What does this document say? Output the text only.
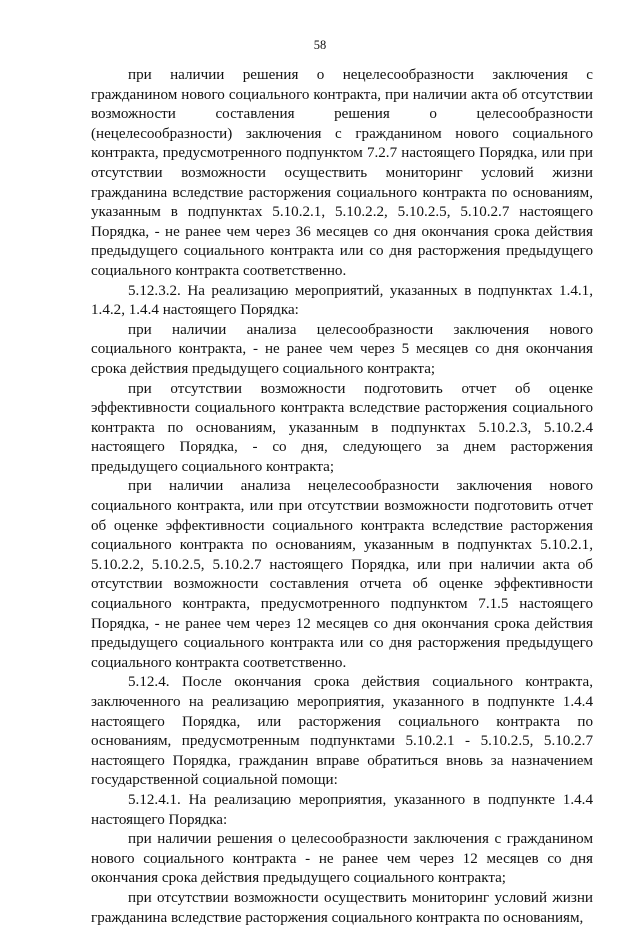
58

при наличии решения о нецелесообразности заключения с гражданином нового социального контракта, при наличии акта об отсутствии возможности составления решения о целесообразности (нецелесообразности) заключения с гражданином нового социального контракта, предусмотренного подпунктом 7.2.7 настоящего Порядка, или при отсутствии возможности осуществить мониторинг условий жизни гражданина вследствие расторжения социального контракта по основаниям, указанным в подпунктах 5.10.2.1, 5.10.2.2, 5.10.2.5, 5.10.2.7 настоящего Порядка, - не ранее чем через 36 месяцев со дня окончания срока действия предыдущего социального контракта или со дня расторжения предыдущего социального контракта соответственно.

5.12.3.2. На реализацию мероприятий, указанных в подпунктах 1.4.1, 1.4.2, 1.4.4 настоящего Порядка:

при наличии анализа целесообразности заключения нового социального контракта, - не ранее чем через 5 месяцев со дня окончания срока действия предыдущего социального контракта;

при отсутствии возможности подготовить отчет об оценке эффективности социального контракта вследствие расторжения социального контракта по основаниям, указанным в подпунктах 5.10.2.3, 5.10.2.4 настоящего Порядка, - со дня, следующего за днем расторжения предыдущего социального контракта;

при наличии анализа нецелесообразности заключения нового социального контракта, или при отсутствии возможности подготовить отчет об оценке эффективности социального контракта вследствие расторжения социального контракта по основаниям, указанным в подпунктах 5.10.2.1, 5.10.2.2, 5.10.2.5, 5.10.2.7 настоящего Порядка, или при наличии акта об отсутствии возможности составления отчета об оценке эффективности социального контракта, предусмотренного подпунктом 7.1.5 настоящего Порядка, - не ранее чем через 12 месяцев со дня окончания срока действия предыдущего социального контракта или со дня расторжения предыдущего социального контракта соответственно.

5.12.4. После окончания срока действия социального контракта, заключенного на реализацию мероприятия, указанного в подпункте 1.4.4 настоящего Порядка, или расторжения социального контракта по основаниям, предусмотренным подпунктами 5.10.2.1 - 5.10.2.5, 5.10.2.7 настоящего Порядка, гражданин вправе обратиться вновь за назначением государственной социальной помощи:

5.12.4.1. На реализацию мероприятия, указанного в подпункте 1.4.4 настоящего Порядка:

при наличии решения о целесообразности заключения с гражданином нового социального контракта - не ранее чем через 12 месяцев со дня окончания срока действия предыдущего социального контракта;

при отсутствии возможности осуществить мониторинг условий жизни гражданина вследствие расторжения социального контракта по основаниям,
